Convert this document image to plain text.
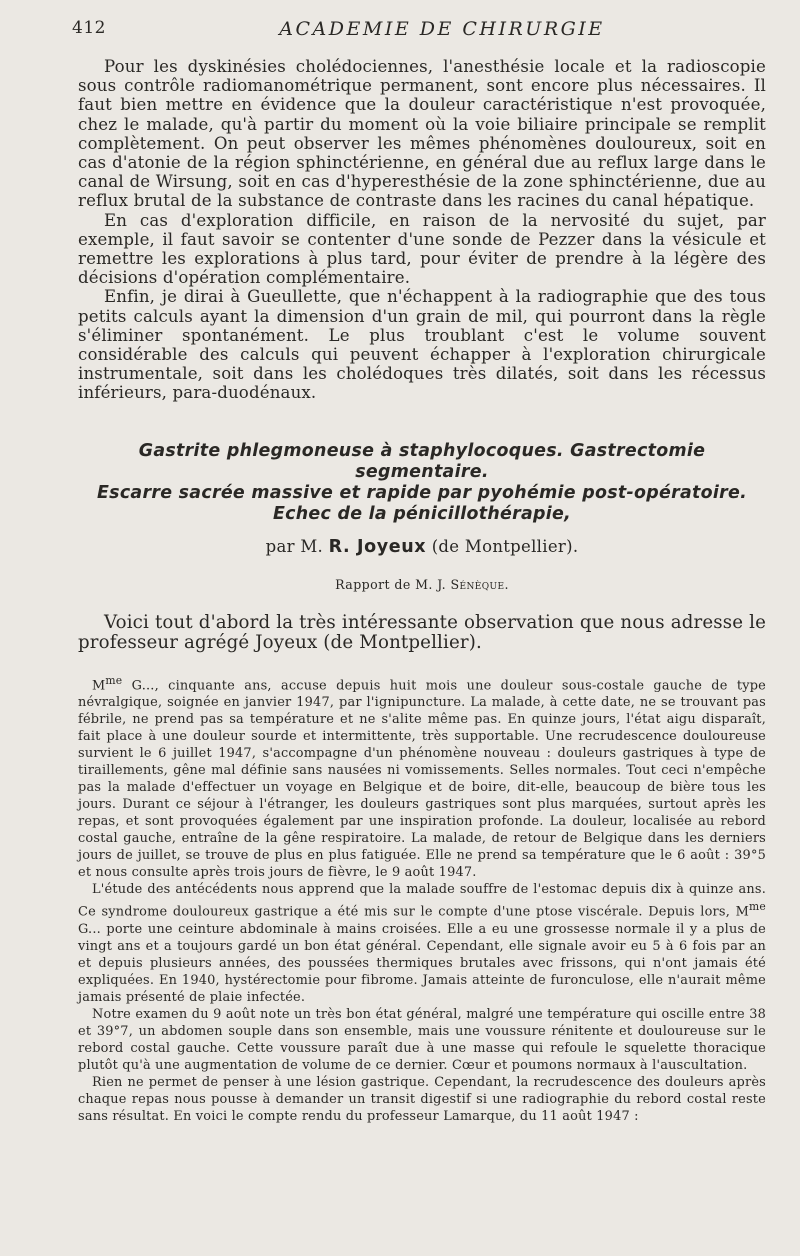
412	ACADEMIE DE CHIRURGIE

Pour les dyskinésies cholédociennes, l'anesthésie locale et la radioscopie sous contrôle radiomanométrique permanent, sont encore plus nécessaires. Il faut bien mettre en évidence que la douleur caractéristique n'est provoquée, chez le malade, qu'à partir du moment où la voie biliaire principale se remplit complètement. On peut observer les mêmes phénomènes douloureux, soit en cas d'atonie de la région sphinctérienne, en général due au reflux large dans le canal de Wirsung, soit en cas d'hyperesthésie de la zone sphinctérienne, due au reflux brutal de la substance de contraste dans les racines du canal hépatique.

En cas d'exploration difficile, en raison de la nervosité du sujet, par exemple, il faut savoir se contenter d'une sonde de Pezzer dans la vésicule et remettre les explorations à plus tard, pour éviter de prendre à la légère des décisions d'opération complémentaire.

Enfin, je dirai à Gueullette, que n'échappent à la radiographie que des tous petits calculs ayant la dimension d'un grain de mil, qui pourront dans la règle s'éliminer spontanément. Le plus troublant c'est le volume souvent considérable des calculs qui peuvent échapper à l'exploration chirurgicale instrumentale, soit dans les cholédoques très dilatés, soit dans les récessus inférieurs, para-duodénaux.

Gastrite phlegmoneuse à staphylocoques. Gastrectomie segmentaire.
Escarre sacrée massive et rapide par pyohémie post-opératoire.
Echec de la pénicillothérapie,
par M. R. Joyeux (de Montpellier).
Rapport de M. J. Sénèque.

Voici tout d'abord la très intéressante observation que nous adresse le professeur agrégé Joyeux (de Montpellier).

$M^{me}$ G..., cinquante ans, accuse depuis huit mois une douleur sous-costale gauche de type névralgique, soignée en janvier 1947, par l'ignipuncture. La malade, à cette date, ne se trouvant pas fébrile, ne prend pas sa température et ne s'alite même pas. En quinze jours, l'état aigu disparaît, fait place à une douleur sourde et intermittente, très supportable. Une recrudescence douloureuse survient le 6 juillet 1947, s'accompagne d'un phénomène nouveau : douleurs gastriques à type de tiraillements, gêne mal définie sans nausées ni vomissements. Selles normales. Tout ceci n'empêche pas la malade d'effectuer un voyage en Belgique et de boire, dit-elle, beaucoup de bière tous les jours. Durant ce séjour à l'étranger, les douleurs gastriques sont plus marquées, surtout après les repas, et sont provoquées également par une inspiration profonde. La douleur, localisée au rebord costal gauche, entraîne de la gêne respiratoire. La malade, de retour de Belgique dans les derniers jours de juillet, se trouve de plus en plus fatiguée. Elle ne prend sa température que le 6 août : 39°5 et nous consulte après trois jours de fièvre, le 9 août 1947.

L'étude des antécédents nous apprend que la malade souffre de l'estomac depuis dix à quinze ans. Ce syndrome douloureux gastrique a été mis sur le compte d'une ptose viscérale. Depuis lors, $M^{me}$ G... porte une ceinture abdominale à mains croisées. Elle a eu une grossesse normale il y a plus de vingt ans et a toujours gardé un bon état général. Cependant, elle signale avoir eu 5 à 6 fois par an et depuis plusieurs années, des poussées thermiques brutales avec frissons, qui n'ont jamais été expliquées. En 1940, hystérectomie pour fibrome. Jamais atteinte de furonculose, elle n'aurait même jamais présenté de plaie infectée.

Notre examen du 9 août note un très bon état général, malgré une température qui oscille entre 38 et 39°7, un abdomen souple dans son ensemble, mais une voussure rénitente et douloureuse sur le rebord costal gauche. Cette voussure paraît due à une masse qui refoule le squelette thoracique plutôt qu'à une augmentation de volume de ce dernier. Cœur et poumons normaux à l'auscultation.

Rien ne permet de penser à une lésion gastrique. Cependant, la recrudescence des douleurs après chaque repas nous pousse à demander un transit digestif si une radiographie du rebord costal reste sans résultat. En voici le compte rendu du professeur Lamarque, du 11 août 1947 :
